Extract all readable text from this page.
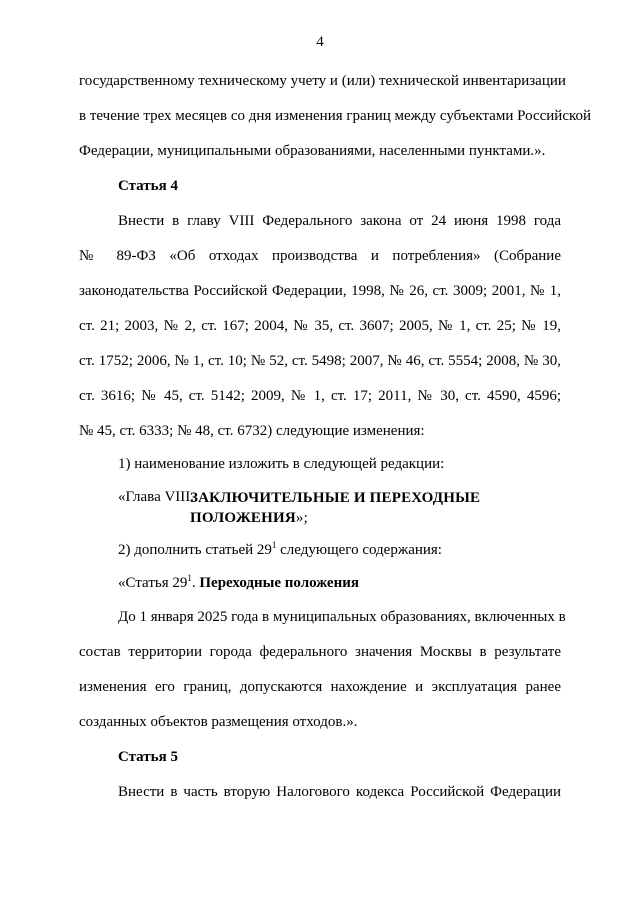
4
государственному техническому учету и (или) технической инвентаризации
в течение трех месяцев со дня изменения границ между субъектами Российской
Федерации, муниципальными образованиями, населенными пунктами.».
Статья 4
Внести в главу VIII Федерального закона от 24 июня 1998 года
№ 89-ФЗ «Об отходах производства и потребления» (Собрание
законодательства Российской Федерации, 1998, № 26, ст. 3009; 2001, № 1,
ст. 21; 2003, № 2, ст. 167; 2004, № 35, ст. 3607; 2005, № 1, ст. 25; № 19,
ст. 1752; 2006, № 1, ст. 10; № 52, ст. 5498; 2007, № 46, ст. 5554; 2008, № 30,
ст. 3616; № 45, ст. 5142; 2009, № 1, ст. 17; 2011, № 30, ст. 4590, 4596;
№ 45, ст. 6333; № 48, ст. 6732) следующие изменения:
1) наименование изложить в следующей редакции:
«Глава VIII.
ЗАКЛЮЧИТЕЛЬНЫЕ И ПЕРЕХОДНЫЕ
ПОЛОЖЕНИЯ»;
2) дополнить статьей $29^1$ следующего содержания:
«Статья $29^1$. Переходные положения
До 1 января 2025 года в муниципальных образованиях, включенных в
состав территории города федерального значения Москвы в результате
изменения его границ, допускаются нахождение и эксплуатация ранее
созданных объектов размещения отходов.».
Статья 5
Внести в часть вторую Налогового кодекса Российской Федерации
